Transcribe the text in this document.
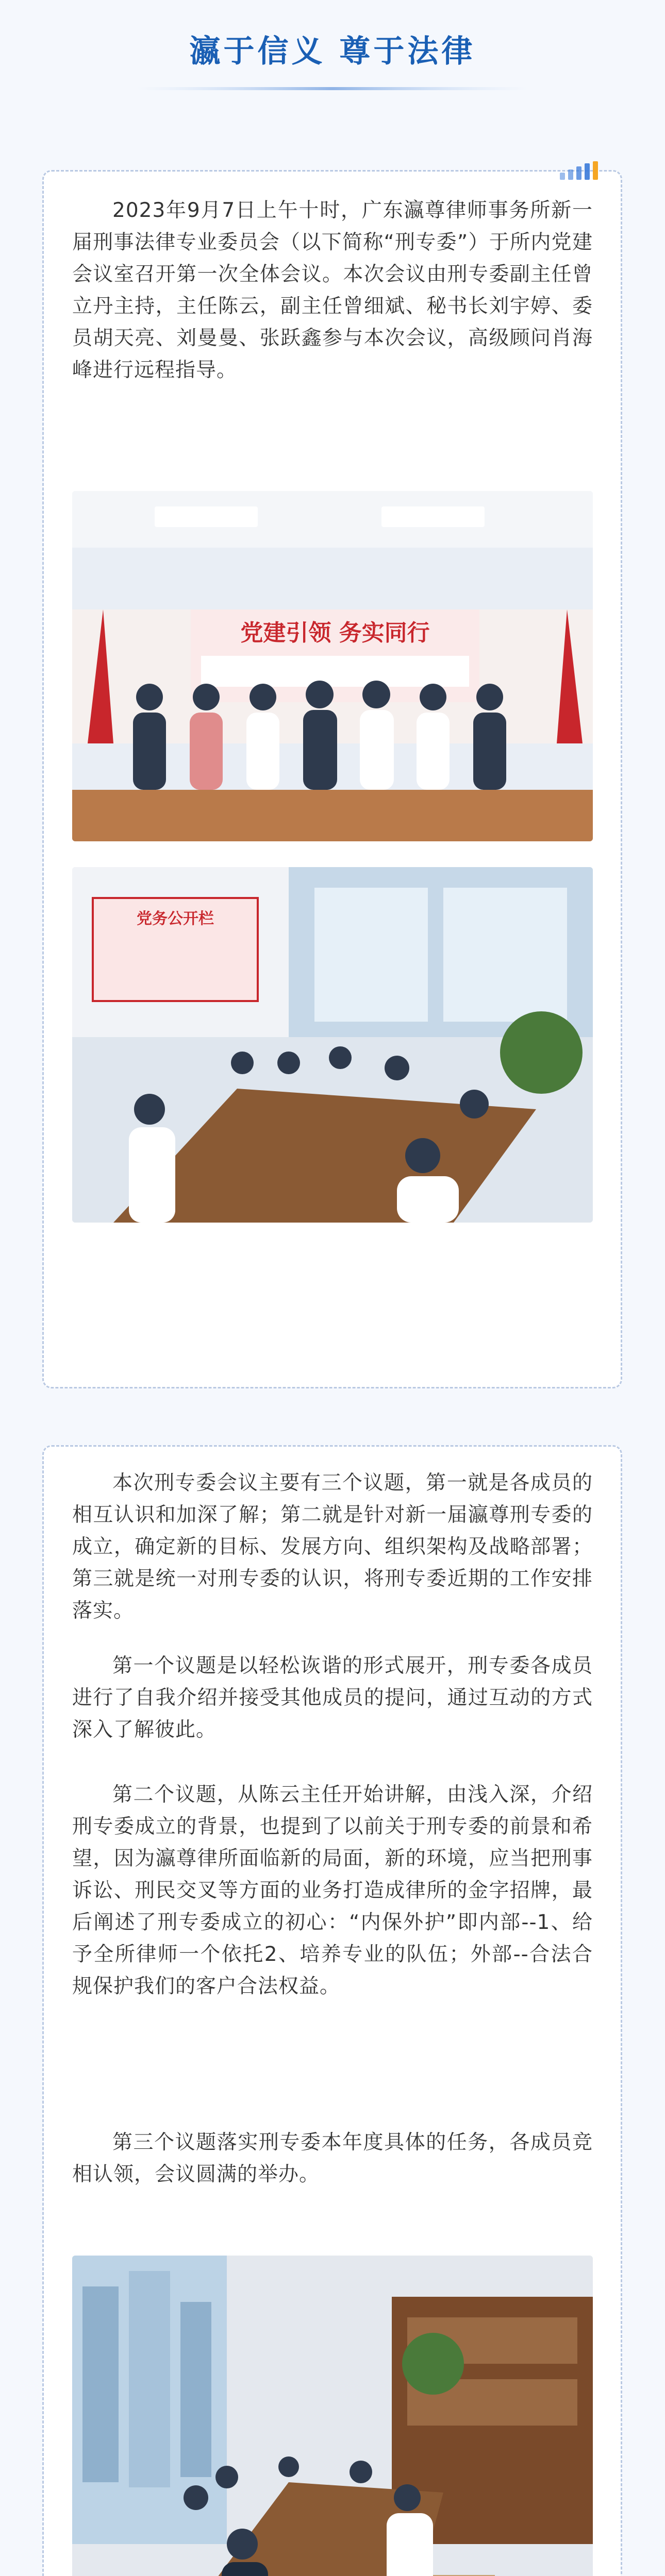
瀛于信义 尊于法律
2023年9月7日上午十时，广东瀛尊律师事务所新一届刑事法律专业委员会（以下简称“刑专委”）于所内党建会议室召开第一次全体会议。本次会议由刑专委副主任曾立丹主持，主任陈云，副主任曾细斌、秘书长刘宇婷、委员胡天亮、刘曼曼、张跃鑫参与本次会议，高级顾问肖海峰进行远程指导。
党建引领 务实同行
党务公开栏
本次刑专委会议主要有三个议题，第一就是各成员的相互认识和加深了解；第二就是针对新一届瀛尊刑专委的成立，确定新的目标、发展方向、组织架构及战略部署；第三就是统一对刑专委的认识，将刑专委近期的工作安排落实。
第一个议题是以轻松诙谐的形式展开，刑专委各成员进行了自我介绍并接受其他成员的提问，通过互动的方式深入了解彼此。
第二个议题，从陈云主任开始讲解，由浅入深，介绍刑专委成立的背景，也提到了以前关于刑专委的前景和希望，因为瀛尊律所面临新的局面，新的环境，应当把刑事诉讼、刑民交叉等方面的业务打造成律所的金字招牌，最后阐述了刑专委成立的初心：“内保外护”即内部--1、给予全所律师一个依托2、培养专业的队伍；外部--合法合规保护我们的客户合法权益。
第三个议题落实刑专委本年度具体的任务，各成员竞相认领，会议圆满的举办。
